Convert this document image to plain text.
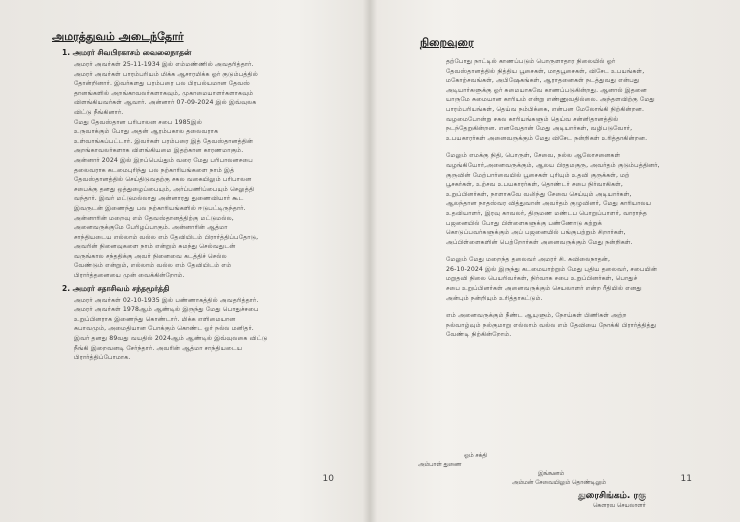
அமரத்துவம் அடைந்தோர்
1. அமரர் சிவபிரகாசம் வைலைநாதன்
அமரர் அவர்கள் 25-11-1934 இல் எம்மண்ணில் அவதரித்தார்.
அமரர் அவர்கள் பாரம்பரியம் மிக்க ஆசாரமிக்க ஓர் குடும்பத்தில்
தோன்றினார். இவர்களது பரம்பரை பல பிரபல்யமான தேவஸ்
தானங்களில் அறங்காவலர்களாகவும், முகாமையாளர்களாகவும்
விளங்கியவர்கள் ஆவார். அன்னார் 07-09-2024 இல் இவ்வுலக
விட்டு நீங்கினார்.
மேது தேவஸ்தான பரிபாலன சபை 1985இல்
உருவாக்கும் போது அதன் ஆரம்பகால தலைவராக
உள்வாங்கப்பட்டார். இவர்கள் பரம்பரை இத் தேவஸ்தானத்தின்
அறங்காவலர்களாக விளங்கியமை இதற்கான காரணமாகும்.
அன்னார் 2024 இல் இறப்பெய்தும் வரை மேது பரிபாலனசபை
தலைவராக கடமைபுரிந்து பல நற்காரியங்களை நாம் இத்
தேவஸ்தானத்தில் செய்திடுவதற்கு சகல வகையிலும் பரிபாலன
சபைக்கு தனது ஒத்துழைப்பையும், அர்ப்பணிப்பையும் செலுத்தி
வந்தார். இவர் மட்டுமல்லாது அன்னாரது துணைவியார் கூட
இவருடன் இணைந்து பல நற்காரியங்களில் ஈடுபட்டிருந்தார்.
அன்னாரின் மறைவு எம் தேவஸ்தானத்திற்கு மட்டுமல்ல,
அனைவருக்குமே பேரிழப்பாகும். அன்னாரின் ஆத்மா
சாந்தியடைய எல்லாம் வல்ல எம் தேவியிடம் பிரார்த்திப்பதோடு,
அவரின் நினைவுகளை நாம் என்றும் சுமந்து செல்வதுடன்
வருங்கால சந்ததிக்கு அவர் நினைவை கடத்திச் செல்ல
வேண்டும் என்றும், எல்லாம் வல்ல எம் தேவியிடம் எம்
பிரார்த்தனையை முன் வைக்கின்றோம்.
2. அமரர் சதாசிவம் சந்தமூர்த்தி
அமரர் அவர்கள் 02-10-1935 இல் பண்ணாகத்தில் அவதரித்தார்.
அமரர் அவர்கள் 1978ஆம் ஆண்டில் இருந்து மேது பொதுச்சபை
உறுப்பினராக இணைந்து கொண்டார். மிக்க எளிமையான
சுபாவமும், அமைதியான போக்கும் கொண்ட ஓர் நல்ல மனிதர்.
இவர் தனது 89வது வயதில் 2024ஆம் ஆண்டில் இவ்வுலகை விட்டு
நீங்கி இறைவனடி சேர்ந்தார். அவரின் ஆத்மா சாந்தியடைய
பிரார்த்திப்போமாக.
10
நிறைவுரை
தற்போது நாட்டில் காணப்படும் பொருளாதார நிலையில் ஓர்
தேவஸ்தானத்தில் நித்திய பூசைகள், மாதபூசைகள், விசேட உபயங்கள்,
மகோற்சவங்கள், அபிஷேகங்கள், ஆராதனைகள் நடத்துவது என்பது
அடியார்களுக்கு ஓர் சுமையாகவே காணப்படுகின்றது. ஆனால் இதனை
யாருமே சுமையான காரியம் என்று எண்ணுவதில்லை. அந்தளவிற்கு மேது
பாரம்பரியங்கள், தெய்வ நம்பிக்கை, என்பன மேலோங்கி நிற்கின்றன.
வழமைபோன்று சகல காரியங்களும் தெய்வ சன்னிதானத்தில்
நடந்தேறுகின்றன. எனவேதான் மேது அடியார்கள், வழிபடுவோர்,
உபயகாரர்கள் அனைவருக்கும் மேது விசேட நன்றிகள் உரித்தாகின்றன.
மேலும் எமக்கு நிதி, பொருள், சேவை, நல்ல ஆலோசனைகள்
வழங்கியோர்,அனைவருக்கும், ஆலய பிரதமகுரு, அவர்தம் குடும்பத்தினர்,
குருவின் மேற்பார்வையில் பூசைகள் புரியும் உதவி குருக்கள், மற்
பூசகர்கள், உற்சவ உபயகாரர்கள், தொண்டர் சபை நிர்வாகிகள்,
உறுப்பினர்கள், நாளாகவே வலிந்து சேவை செய்யும் அடியார்கள்,
ஆலந்தான நாதஸ்வர வித்துவான் அவர்தம் குழுவினர், மேது காரியாலய
உதவியாளர், இரவு காவலர், திருமண மண்டப பொறுப்பாளர், வாராந்த
பஜனையில் போது பிள்ளைகளுக்கு பண்ணோடு கற்றுக்
கொடுப்பவர்களுக்கும் அப் பஜனையில் பங்குபற்றும் சிறார்கள்,
அப்பிள்ளைகளின் பெற்றோர்கள் அனைவருக்கும் மேது நன்றிகள்.
மேலும் மேது மறைந்த தலைவர் அமரர் சி. சுவிலைநாதன்,
26-10-2024 இல் இருந்து கடமையாற்றும் மேது புதிய தலைவர், சபையின்
மறுதவி நிலை பெயரிவர்கள், நிர்வாக சபை உறுப்பினர்கள், பொதுச்
சபை உறுப்பினர்கள் அனைவருக்கும் செயலாளர் என்ற ரீதியில் எனது
அன்பும் நன்றியும் உரித்தாகட்டும்.
எம் அனைவருக்கும் நீண்ட ஆயுளும், நோய்கள் பிணிகள் அற்ற
நல்வாழ்வும் நல்குமாறு எல்லாம் வல்ல எம் தேவியை நோக்கி பிரார்த்தித்து
வேண்டி நிற்கின்றோம்.
ஓம் சக்தி
அம்பாள் துணை
இங்ஙனம்
அம்மன் சேவையிலும் தொண்டிலும்
துரைசிங்கம். ரகு
கௌரவ செயலாளர்
11
